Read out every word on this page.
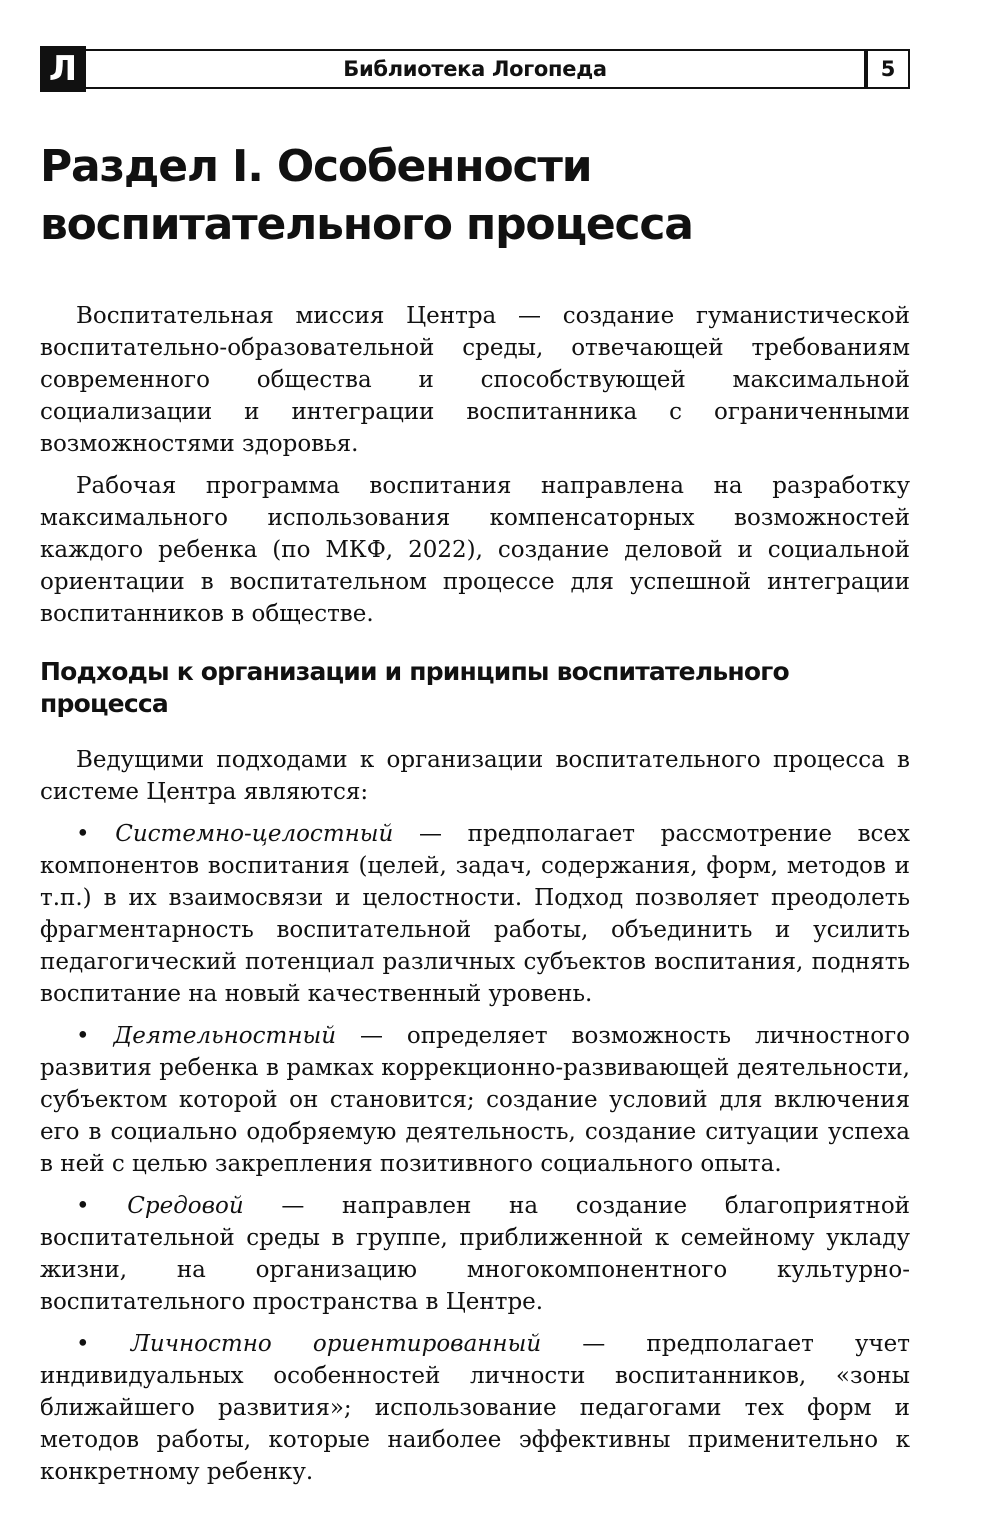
Л	Библиотека Логопеда	5
Раздел I. Особенности воспитательного процесса

Воспитательная миссия Центра — создание гуманистической воспитательно-образовательной среды, отвечающей требованиям современного общества и способствующей максимальной социализации и интеграции воспитанника с ограниченными возможностями здоровья.

Рабочая программа воспитания направлена на разработку максимального использования компенсаторных возможностей каждого ребенка (по МКФ, 2022), создание деловой и социальной ориентации в воспитательном процессе для успешной интеграции воспитанников в обществе.

Подходы к организации и принципы воспитательного процесса

Ведущими подходами к организации воспитательного процесса в системе Центра являются:

• Системно-целостный — предполагает рассмотрение всех компонентов воспитания (целей, задач, содержания, форм, методов и т.п.) в их взаимосвязи и целостности. Подход позволяет преодолеть фрагментарность воспитательной работы, объединить и усилить педагогический потенциал различных субъектов воспитания, поднять воспитание на новый качественный уровень.

• Деятельностный — определяет возможность личностного развития ребенка в рамках коррекционно-развивающей деятельности, субъектом которой он становится; создание условий для включения его в социально одобряемую деятельность, создание ситуации успеха в ней с целью закрепления позитивного социального опыта.

• Средовой — направлен на создание благоприятной воспитательной среды в группе, приближенной к семейному укладу жизни, на организацию многокомпонентного культурно-воспитательного пространства в Центре.

• Личностно ориентированный — предполагает учет индивидуальных особенностей личности воспитанников, «зоны ближайшего развития»; использование педагогами тех форм и методов работы, которые наиболее эффективны применительно к конкретному ребенку.
